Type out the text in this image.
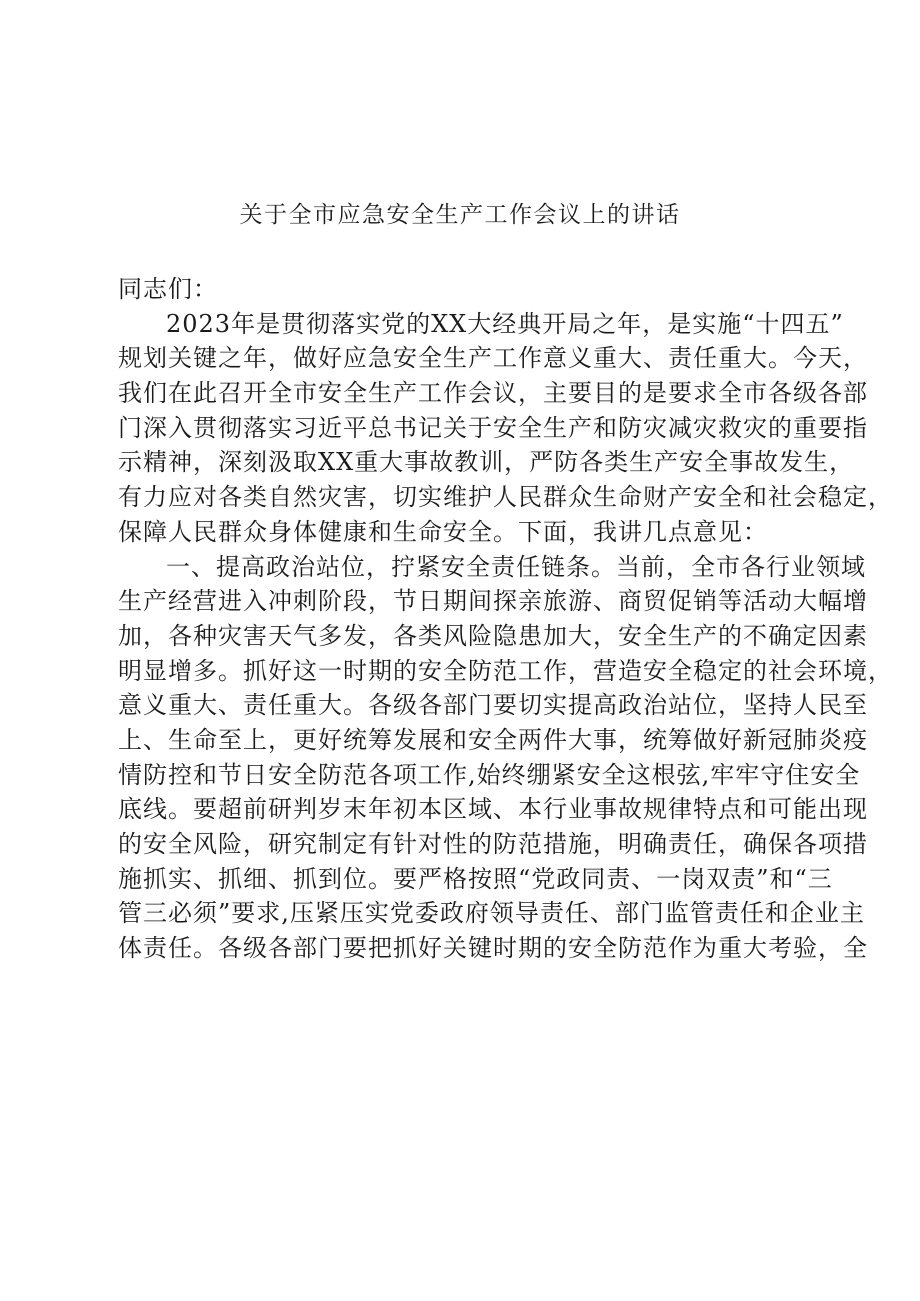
关于全市应急安全生产工作会议上的讲话
同志们：
2023年是贯彻落实党的XX大经典开局之年，是实施“十四五”
规划关键之年，做好应急安全生产工作意义重大、责任重大。今天，
我们在此召开全市安全生产工作会议，主要目的是要求全市各级各部
门深入贯彻落实习近平总书记关于安全生产和防灾减灾救灾的重要指
示精神，深刻汲取XX重大事故教训，严防各类生产安全事故发生，
有力应对各类自然灾害，切实维护人民群众生命财产安全和社会稳定，
保障人民群众身体健康和生命安全。下面，我讲几点意见：
一、提高政治站位，拧紧安全责任链条。当前，全市各行业领域
生产经营进入冲刺阶段，节日期间探亲旅游、商贸促销等活动大幅增
加，各种灾害天气多发，各类风险隐患加大，安全生产的不确定因素
明显增多。抓好这一时期的安全防范工作，营造安全稳定的社会环境，
意义重大、责任重大。各级各部门要切实提高政治站位，坚持人民至
上、生命至上，更好统筹发展和安全两件大事，统筹做好新冠肺炎疫
情防控和节日安全防范各项工作,始终绷紧安全这根弦,牢牢守住安全
底线。要超前研判岁末年初本区域、本行业事故规律特点和可能出现
的安全风险，研究制定有针对性的防范措施，明确责任，确保各项措
施抓实、抓细、抓到位。要严格按照“党政同责、一岗双责”和“三
管三必须”要求,压紧压实党委政府领导责任、部门监管责任和企业主
体责任。各级各部门要把抓好关键时期的安全防范作为重大考验，全
